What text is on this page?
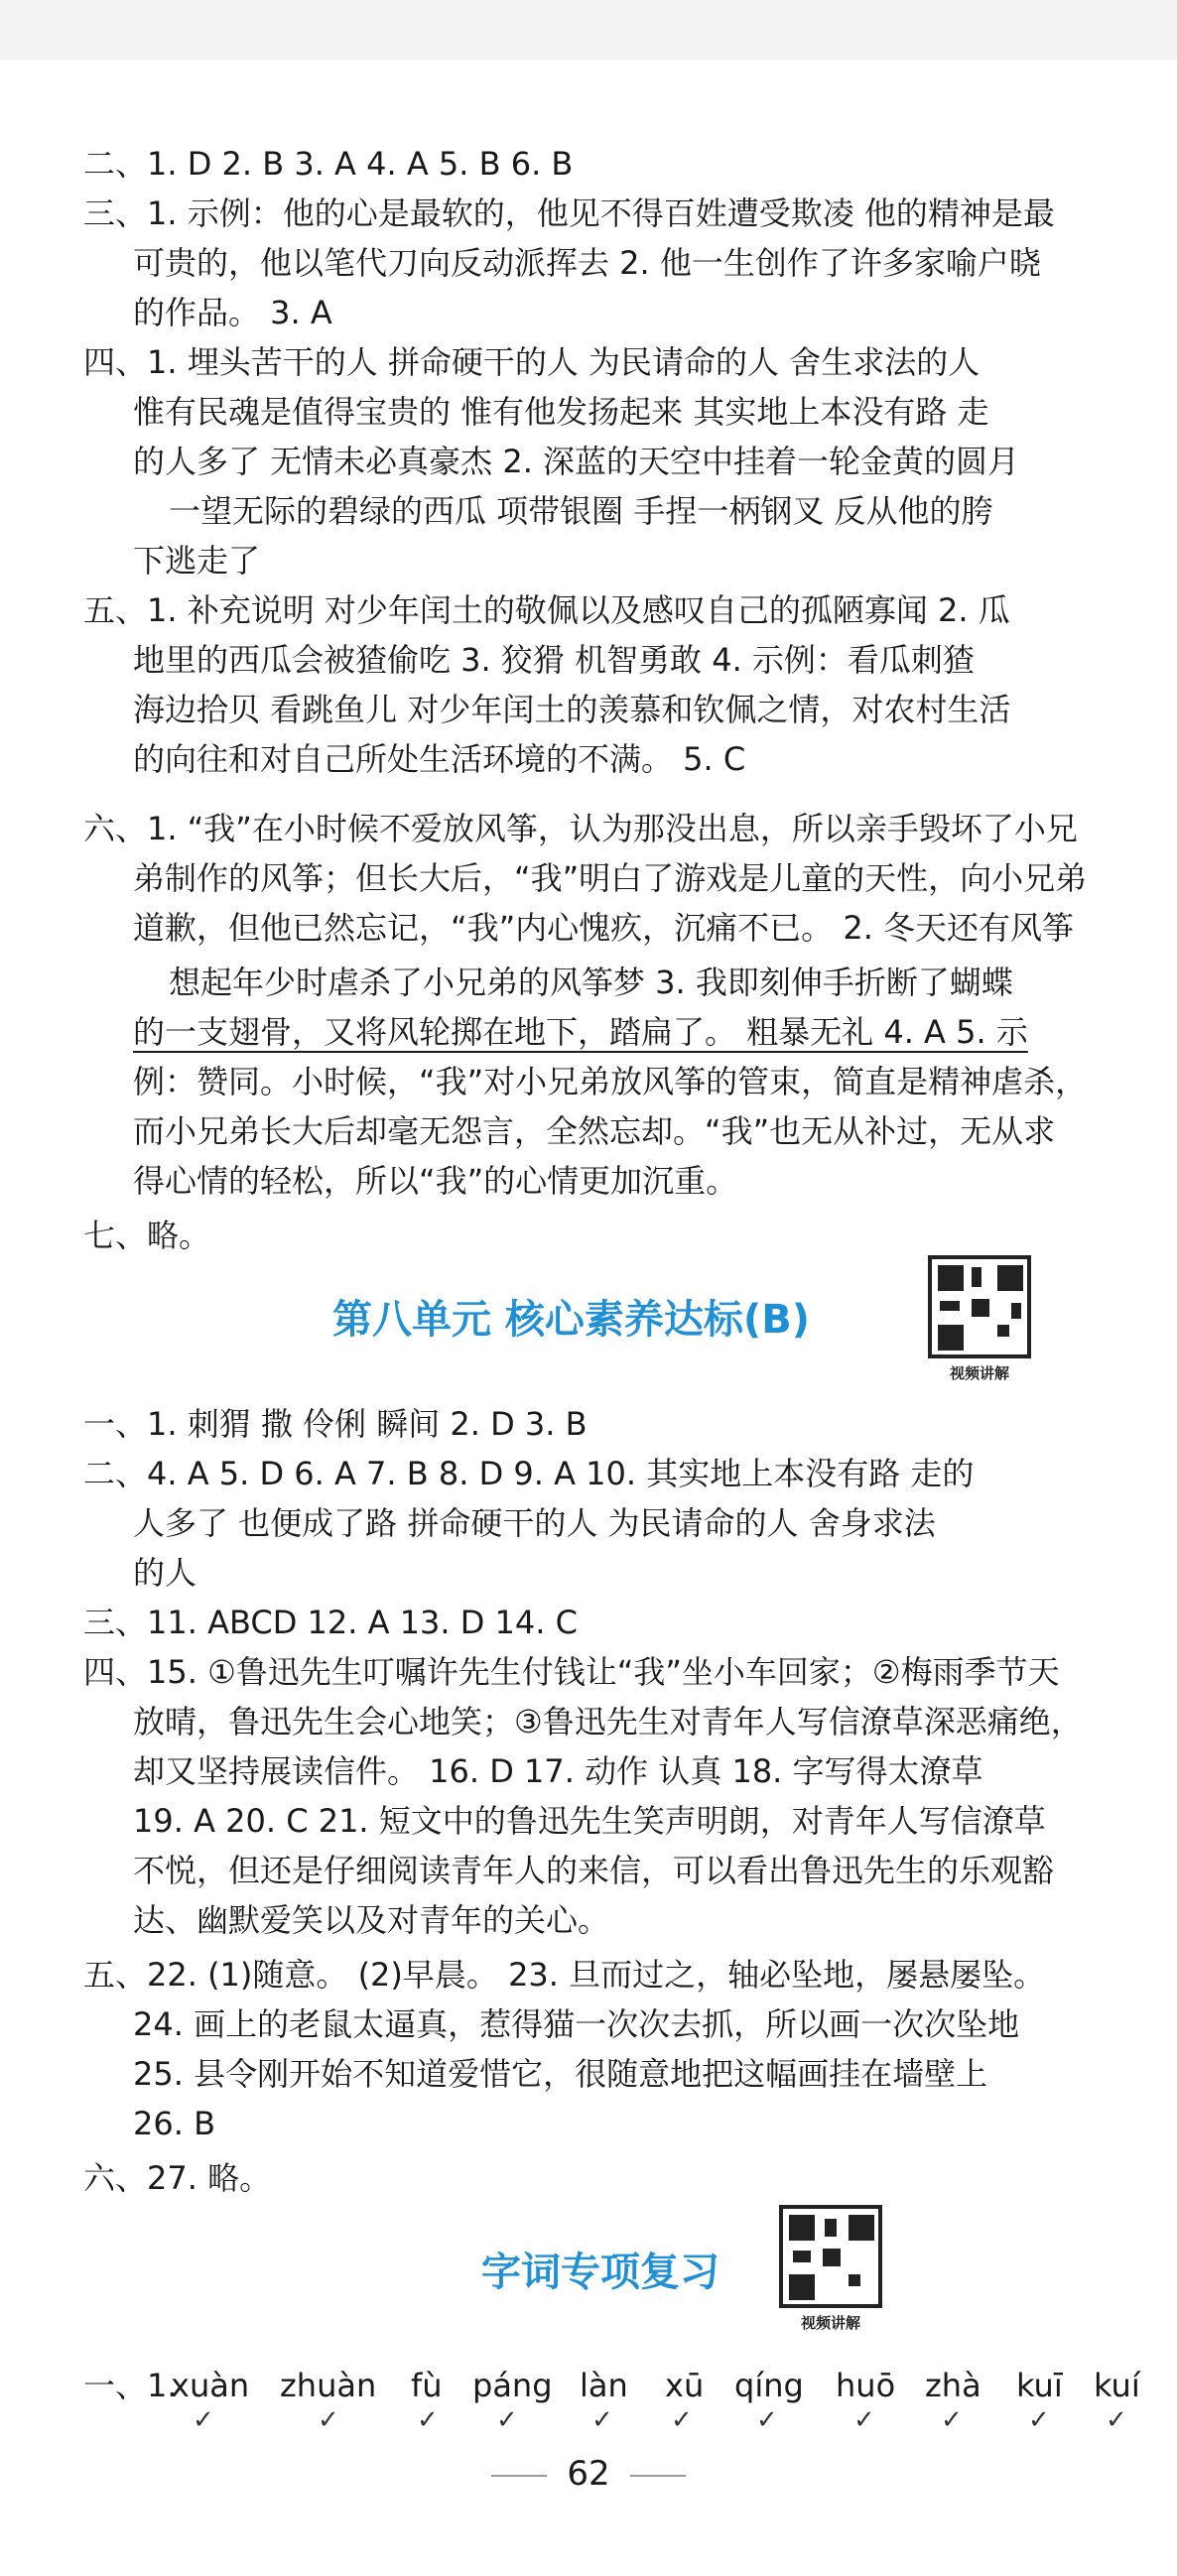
二、1. D 2. B 3. A 4. A 5. B 6. B
三、1. 示例：他的心是最软的，他见不得百姓遭受欺凌 他的精神是最
可贵的，他以笔代刀向反动派挥去 2. 他一生创作了许多家喻户晓
的作品。 3. A
四、1. 埋头苦干的人 拼命硬干的人 为民请命的人 舍生求法的人
惟有民魂是值得宝贵的 惟有他发扬起来 其实地上本没有路 走
的人多了 无情未必真豪杰 2. 深蓝的天空中挂着一轮金黄的圆月
一望无际的碧绿的西瓜 项带银圈 手捏一柄钢叉 反从他的胯
下逃走了
五、1. 补充说明 对少年闰土的敬佩以及感叹自己的孤陋寡闻 2. 瓜
地里的西瓜会被猹偷吃 3. 狡猾 机智勇敢 4. 示例：看瓜刺猹
海边拾贝 看跳鱼儿 对少年闰土的羡慕和钦佩之情，对农村生活
的向往和对自己所处生活环境的不满。 5. C
六、1. “我”在小时候不爱放风筝，认为那没出息，所以亲手毁坏了小兄
弟制作的风筝；但长大后，“我”明白了游戏是儿童的天性，向小兄弟
道歉，但他已然忘记，“我”内心愧疚，沉痛不已。 2. 冬天还有风筝
想起年少时虐杀了小兄弟的风筝梦 3. 我即刻伸手折断了蝴蝶
的一支翅骨，又将风轮掷在地下，踏扁了。 粗暴无礼 4. A 5. 示
例：赞同。小时候，“我”对小兄弟放风筝的管束，简直是精神虐杀，
而小兄弟长大后却毫无怨言，全然忘却。“我”也无从补过，无从求
得心情的轻松，所以“我”的心情更加沉重。
七、略。
第八单元 核心素养达标(B)
视频讲解
一、1. 刺猬 撒 伶俐 瞬间 2. D 3. B
二、4. A 5. D 6. A 7. B 8. D 9. A 10. 其实地上本没有路 走的
人多了 也便成了路 拼命硬干的人 为民请命的人 舍身求法
的人
三、11. ABCD 12. A 13. D 14. C
四、15. ①鲁迅先生叮嘱许先生付钱让“我”坐小车回家；②梅雨季节天
放晴，鲁迅先生会心地笑；③鲁迅先生对青年人写信潦草深恶痛绝，
却又坚持展读信件。 16. D 17. 动作 认真 18. 字写得太潦草
19. A 20. C 21. 短文中的鲁迅先生笑声明朗，对青年人写信潦草
不悦，但还是仔细阅读青年人的来信，可以看出鲁迅先生的乐观豁
达、幽默爱笑以及对青年的关心。
五、22. (1)随意。 (2)早晨。 23. 旦而过之，轴必坠地，屡悬屡坠。
24. 画上的老鼠太逼真，惹得猫一次次去抓，所以画一次次坠地
25. 县令刚开始不知道爱惜它，很随意地把这幅画挂在墙壁上
26. B
六、27. 略。
字词专项复习
视频讲解
一、1.
xuàn
✓
zhuàn
✓
fù
✓
páng
✓
làn
✓
xū
✓
qíng
✓
huō
✓
zhà
✓
kuī
✓
kuí
✓
62
